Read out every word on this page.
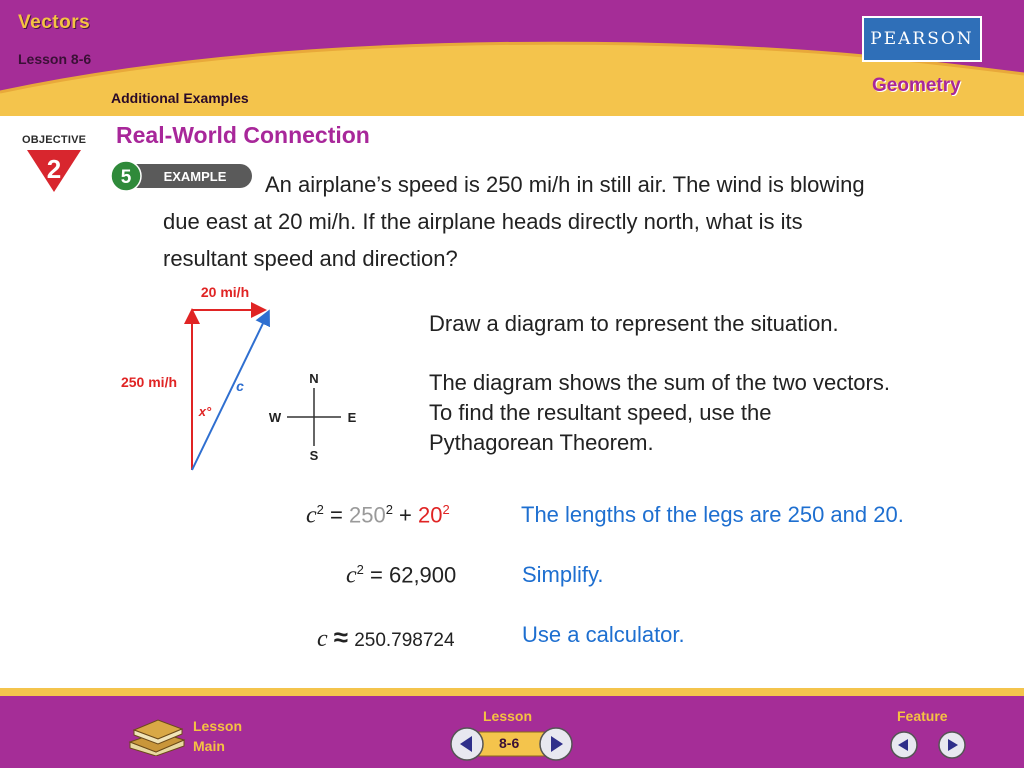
Vectors
Lesson 8-6
Additional Examples
PEARSON
Geometry
OBJECTIVE
2
Real-World Connection
5 EXAMPLE	An airplane’s speed is 250 mi/h in still air. The wind is blowing
due east at 20 mi/h. If the airplane heads directly north, what is its
resultant speed and direction?
20 mi/h
250 mi/h	c
x°
N
S
E
W
Draw a diagram to represent the situation.
The diagram shows the sum of the two vectors.
To find the resultant speed, use the
Pythagorean Theorem.
$c^2 = 250^2 + 20^2$	The lengths of the legs are 250 and 20.
$c^2 = 62,900$	Simplify.
c ≈ 250.798724	Use a calculator.
Lesson
Main
Lesson
8-6
Feature
